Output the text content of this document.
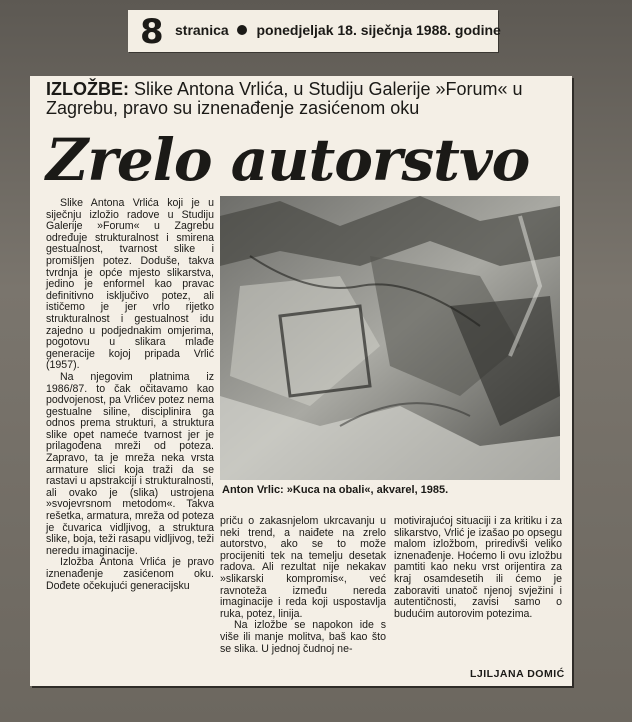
8 stranica ponedjeljak 18. siječnja 1988. godine
IZLOŽBE: Slike Antona Vrlića, u Studiju Galerije »Forum« u Zagrebu, pravo su iznenađenje zasićenom oku
Zrelo autorstvo

Slike Antona Vrlića koji je u siječnju izložio radove u Studiju Galerije »Forum« u Zagrebu određuje strukturalnost i smirena gestualnost, tvarnost slike i promišljen potez. Doduše, takva tvrdnja je opće mjesto slikarstva, jedino je enformel kao pravac definitivno isključivo potez, ali ističemo je jer vrlo rijetko strukturalnost i gestualnost idu zajedno u podjednakim omjerima, pogotovu u slikara mlađe generacije kojoj pripada Vrlić (1957).

Na njegovim platnima iz 1986/87. to čak očitavamo kao podvojenost, pa Vrlićev potez nema gestualne siline, disciplinira ga odnos prema strukturi, a struktura slike opet nameće tvarnost jer je prilagođena mreži od poteza. Zapravo, ta je mreža neka vrsta armature slici koja traži da se rastavi u apstrakciji i strukturalnosti, ali ovako je (slika) ustrojena »svojevrsnom metodom«. Takva rešetka, armatura, mreža od poteza je čuvarica vidljivog, a struktura slike, boja, teži rasapu vidljivog, teži neredu imaginacije.

Izložba Antona Vrlića je pravo iznenađenje zasićenom oku. Dođete očekujući generacijsku

Anton Vrlic: »Kuca na obali«, akvarel, 1985.

priču o zakasnjelom ukrcavanju u neki trend, a naiđete na zrelo autorstvo, ako se to može procijeniti tek na temelju desetak radova. Ali rezultat nije nekakav »slikarski kompromis«, već ravnoteža između nereda imaginacije i reda koji uspostavlja ruka, potez, linija.

Na izložbe se napokon ide s više ili manje molitva, baš kao što se slika. U jednoj čudnoj ne-

motivirajućoj situaciji i za kritiku i za slikarstvo, Vrlić je izašao po opsegu malom izložbom, priredivši veliko iznenađenje. Hoćemo li ovu izložbu pamtiti kao neku vrst orijentira za kraj osamdesetih ili ćemo je zaboraviti unatoč njenoj svježini i autentičnosti, zavisi samo o budućim autorovim potezima.

LJILJANA DOMIĆ
